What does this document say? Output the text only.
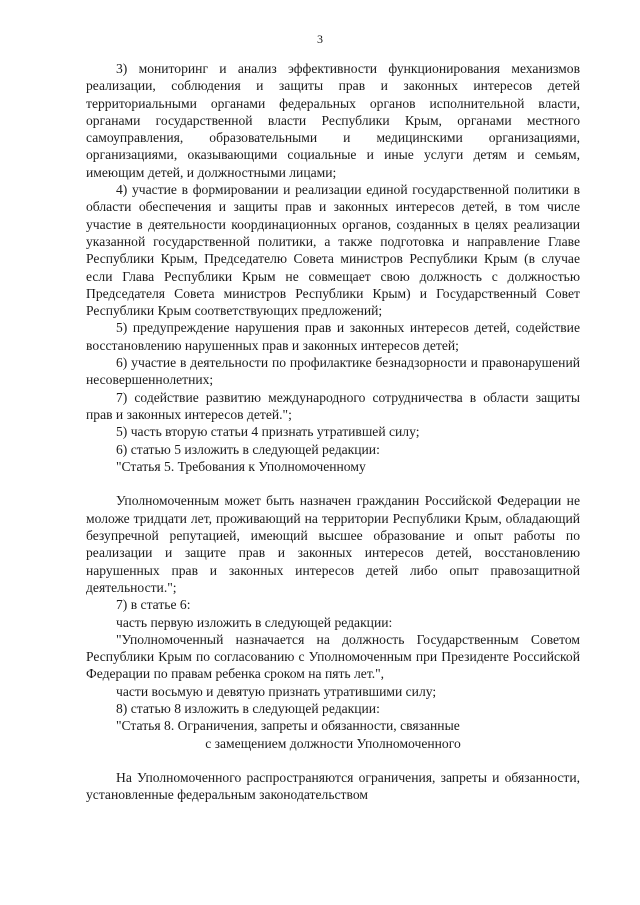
3

3) мониторинг и анализ эффективности функционирования механизмов реализации, соблюдения и защиты прав и законных интересов детей территориальными органами федеральных органов исполнительной власти, органами государственной власти Республики Крым, органами местного самоуправления, образовательными и медицинскими организациями, организациями, оказывающими социальные и иные услуги детям и семьям, имеющим детей, и должностными лицами;

4) участие в формировании и реализации единой государственной политики в области обеспечения и защиты прав и законных интересов детей, в том числе участие в деятельности координационных органов, созданных в целях реализации указанной государственной политики, а также подготовка и направление Главе Республики Крым, Председателю Совета министров Республики Крым (в случае если Глава Республики Крым не совмещает свою должность с должностью Председателя Совета министров Республики Крым) и Государственный Совет Республики Крым соответствующих предложений;

5) предупреждение нарушения прав и законных интересов детей, содействие восстановлению нарушенных прав и законных интересов детей;

6) участие в деятельности по профилактике безнадзорности и правонарушений несовершеннолетних;

7) содействие развитию международного сотрудничества в области защиты прав и законных интересов детей.";

5) часть вторую статьи 4 признать утратившей силу;

6) статью 5 изложить в следующей редакции:

"Статья 5. Требования к Уполномоченному

Уполномоченным может быть назначен гражданин Российской Федерации не моложе тридцати лет, проживающий на территории Республики Крым, обладающий безупречной репутацией, имеющий высшее образование и опыт работы по реализации и защите прав и законных интересов детей, восстановлению нарушенных прав и законных интересов детей либо опыт правозащитной деятельности.";

7) в статье 6:

часть первую изложить в следующей редакции:

"Уполномоченный назначается на должность Государственным Советом Республики Крым по согласованию с Уполномоченным при Президенте Российской Федерации по правам ребенка сроком на пять лет.",

части восьмую и девятую признать утратившими силу;

8) статью 8 изложить в следующей редакции:

"Статья 8. Ограничения, запреты и обязанности, связанные

с замещением должности Уполномоченного

На Уполномоченного распространяются ограничения, запреты и обязанности, установленные федеральным законодательством
